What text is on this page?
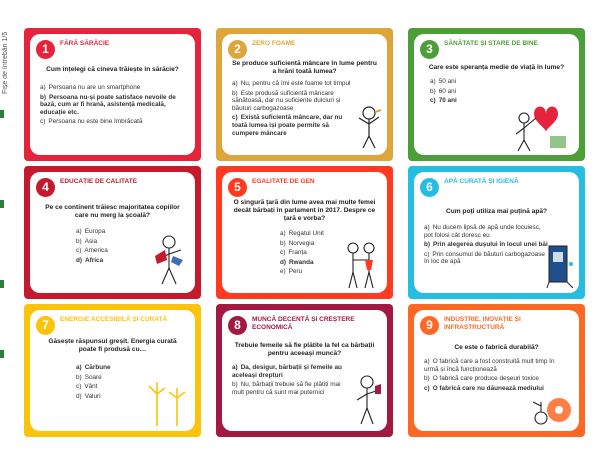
Fișe de întrebări 1/5	1	FĂRĂ SĂRĂCIE
Cum înțelegi că cineva trăiește în sărăcie?
a) Persoana nu are un smartphone
b) Persoana nu-și poate satisface nevoile de bază, cum ar fi hrană, asistență medicală, educație etc.
c) Persoana nu este bine îmbrăcată
2	ZERO FOAME
Se produce suficientă mâncare în lume pentru a hrăni toată lumea?
a) Nu, pentru că îmi este foame tot timpul
b) Este produsă suficientă mâncare sănătoasă, dar nu suficiente dulciuri și băuturi carbogazoase
c) Există suficientă mâncare, dar nu toată lumea își poate permite să cumpere mâncare
3	SĂNĂTATE ȘI STARE DE BINE
Care este speranța medie de viață în lume?
a) 50 ani
b) 60 ani
c) 70 ani
4	EDUCAȚIE DE CALITATE
Pe ce continent trăiesc majoritatea copiilor care nu merg la școală?
a) Europa
b) Asia
c) America
d) Africa
5	EGALITATE DE GEN
O singură țară din lume avea mai multe femei decât bărbați în parlament în 2017. Despre ce țară e vorba?
a) Regatul Unit
b) Norvegia
c) Franța
d) Rwanda
e) Peru
6	APĂ CURATĂ ȘI IGIENĂ
Cum poți utiliza mai puțină apă?
a) Nu ducem lipsă de apă unde locuiesc, pot folosi cât doresc eu
b) Prin alegerea dușului în locul unei băi
c) Prin consumul de băuturi carbogazoase în loc de apă
7	ENERGIE ACCESIBILĂ ȘI CURATĂ
Găsește răspunsul greșit. Energia curată poate fi produsă cu…
a) Cărbune
b) Soare
c) Vânt
d) Valuri
8	MUNCĂ DECENTĂ ȘI CREȘTERE ECONOMICĂ
Trebuie femeile să fie plătite la fel ca bărbații pentru aceeași muncă?
a) Da, desigur, bărbații și femeile au aceleași drepturi
b) Nu, bărbații trebuie să fie plătiți mai mult pentru că sunt mai puternici
9	INDUSTRIE, INOVAȚIE ȘI INFRASTRUCTURĂ
Ce este o fabrică durabilă?
a) O fabrică care a fost construită mult timp în urmă și încă funcționează
b) O fabrică care produce deșeuri toxice
c) O fabrică care nu dăunează mediului
